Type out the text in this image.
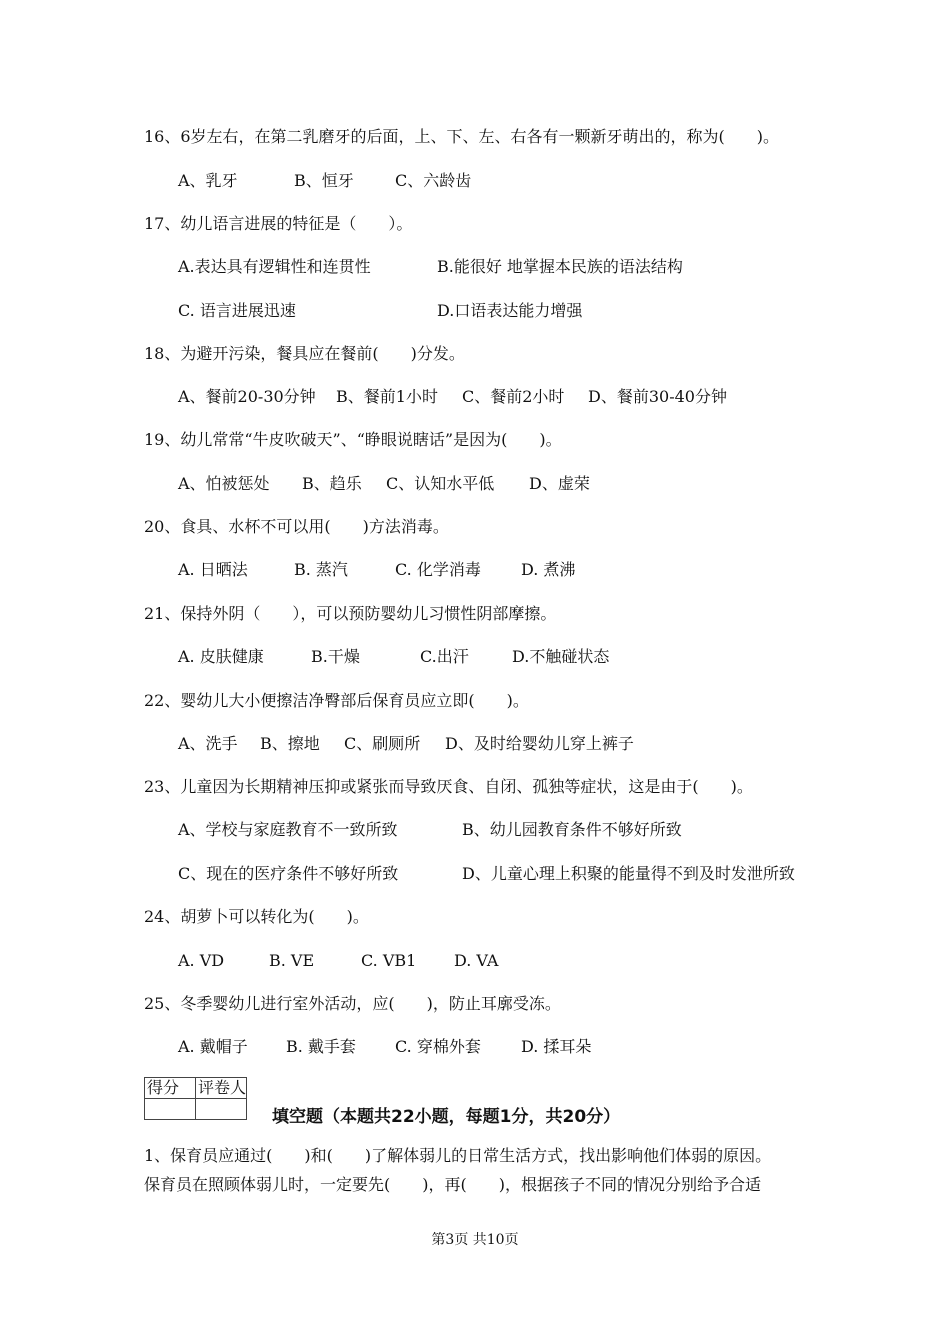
16、6岁左右，在第二乳磨牙的后面，上、下、左、右各有一颗新牙萌出的，称为(　　)。
A、乳牙	B、恒牙	C、六龄齿
17、幼儿语言进展的特征是（　　）。
A.表达具有逻辑性和连贯性	B.能很好 地掌握本民族的语法结构
C. 语言进展迅速	D.口语表达能力增强
18、为避开污染，餐具应在餐前(　　)分发。
A、餐前20-30分钟 B、餐前1小时 C、餐前2小时 D、餐前30-40分钟
19、幼儿常常“牛皮吹破天”、“睁眼说瞎话”是因为(　　)。
A、怕被惩处 B、趋乐 C、认知水平低 D、虚荣
20、食具、水杯不可以用(　　)方法消毒。
A. 日晒法	B. 蒸汽	C. 化学消毒	D. 煮沸
21、保持外阴（　　），可以预防婴幼儿习惯性阴部摩擦。
A. 皮肤健康	B.干燥	C.出汗	D.不触碰状态
22、婴幼儿大小便擦洁净臀部后保育员应立即(　　)。
A、洗手 B、擦地 C、刷厕所 D、及时给婴幼儿穿上裤子
23、儿童因为长期精神压抑或紧张而导致厌食、自闭、孤独等症状，这是由于(　　)。
A、学校与家庭教育不一致所致	B、幼儿园教育条件不够好所致
C、现在的医疗条件不够好所致	D、儿童心理上积聚的能量得不到及时发泄所致
24、胡萝卜可以转化为(　　)。
A. VD	B. VE	C. VB1 D. VA
25、冬季婴幼儿进行室外活动，应(　　)，防止耳廓受冻。
A. 戴帽子 B. 戴手套 C. 穿棉外套	D. 揉耳朵
得分	评卷人

填空题（本题共22小题，每题1分，共20分）
1、保育员应通过(　　)和(　　)了解体弱儿的日常生活方式，找出影响他们体弱的原因。
保育员在照顾体弱儿时，一定要先(　　)，再(　　)，根据孩子不同的情况分别给予合适
第3页 共10页
